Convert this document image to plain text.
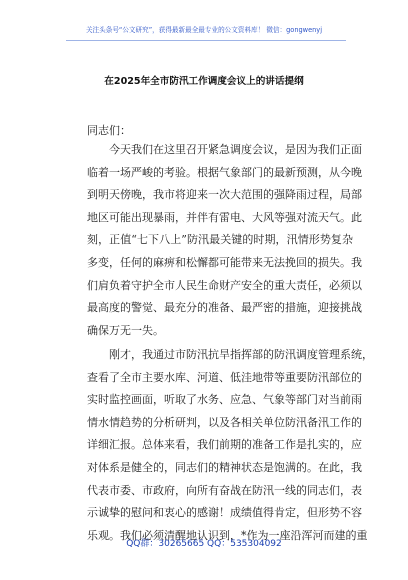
关注头条号“公文研究”，获得最新最全最专业的公文资料库！ 微信：gongwenyj
在2025年全市防汛工作调度会议上的讲话提纲
同志们：
　　今天我们在这里召开紧急调度会议，是因为我们正面
临着一场严峻的考验。根据气象部门的最新预测，从今晚
到明天傍晚，我市将迎来一次大范围的强降雨过程，局部
地区可能出现暴雨，并伴有雷电、大风等强对流天气。此
刻，正值“七下八上”防汛最关键的时期，汛情形势复杂
多变，任何的麻痹和松懈都可能带来无法挽回的损失。我
们肩负着守护全市人民生命财产安全的重大责任，必须以
最高度的警觉、最充分的准备、最严密的措施，迎接挑战
确保万无一失。
　　刚才，我通过市防汛抗旱指挥部的防汛调度管理系统，
查看了全市主要水库、河道、低洼地带等重要防汛部位的
实时监控画面，听取了水务、应急、气象等部门对当前雨
情水情趋势的分析研判，以及各相关单位防汛备汛工作的
详细汇报。总体来看，我们前期的准备工作是扎实的，应
对体系是健全的，同志们的精神状态是饱满的。在此，我
代表市委、市政府，向所有奋战在防汛一线的同志们，表
示诚挚的慰问和衷心的感谢！成绩值得肯定，但形势不容
乐观。我们必须清醒地认识到，*作为一座沿浑河而建的重
QQ群：30265665 QQ：535304092
